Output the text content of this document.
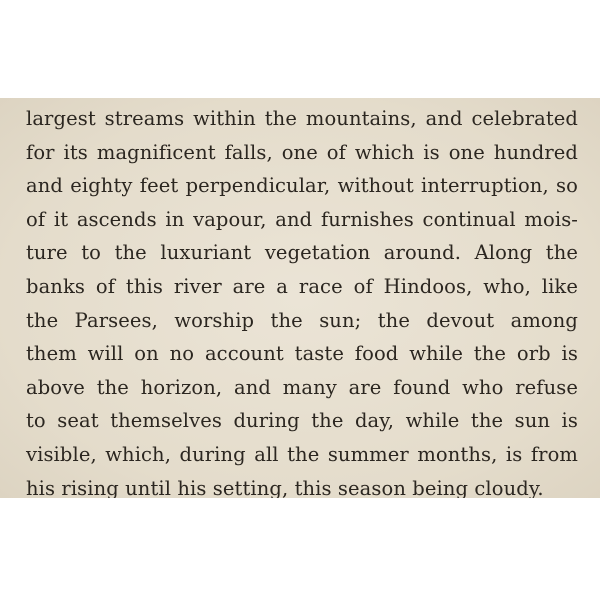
largest streams within the mountains, and celebrated
for its magnificent falls, one of which is one hundred
and eighty feet perpendicular, without interruption, so
of it ascends in vapour, and furnishes continual mois-
ture to the luxuriant vegetation around. Along the
banks of this river are a race of Hindoos, who, like
the Parsees, worship the sun; the devout among
them will on no account taste food while the orb is
above the horizon, and many are found who refuse
to seat themselves during the day, while the sun is
visible, which, during all the summer months, is from
his rising until his setting, this season being cloudy.
